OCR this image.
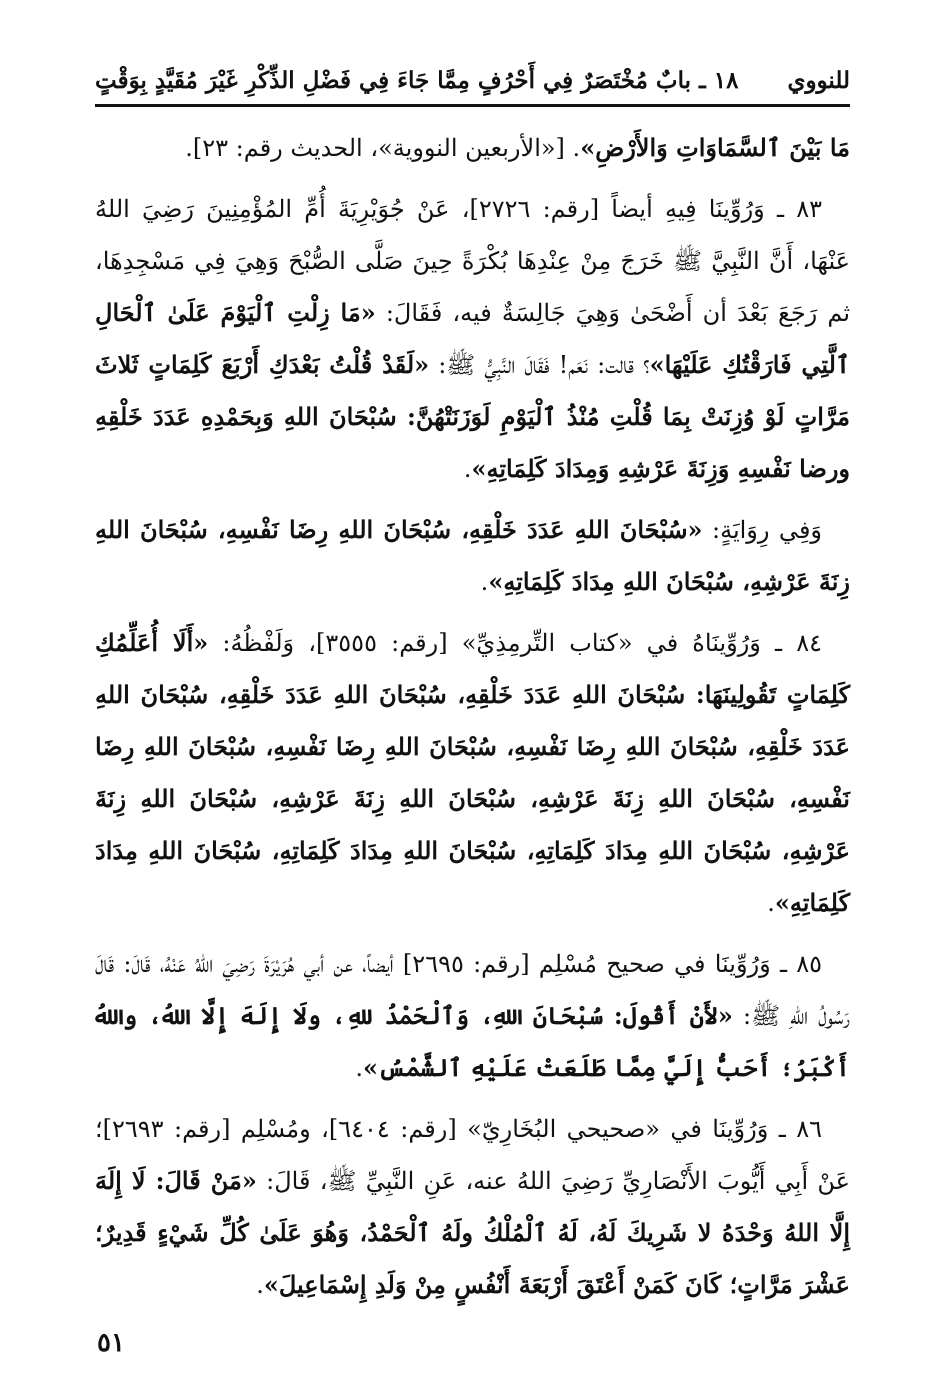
للنووي
١٨ ـ بابٌ مُخْتَصَرٌ فِي أَحْرُفٍ مِمَّا جَاءَ فِي فَضْلِ الذِّكْرِ غَيْرَ مُقَيَّدٍ بِوَقْتٍ

مَا بَيْنَ ٱلسَّمَاوَاتِ وَالأَرْضِ». [«الأربعين النووية»، الحديث رقم: ٢٣].

٨٣ ـ وَرُوِّينَا فِيهِ أيضاً [رقم: ٢٧٢٦]، عَنْ جُوَيْرِيَةَ أُمِّ المُؤْمِنِينَ رَضِيَ اللهُ عَنْهَا، أَنَّ النَّبِيَّ ﷺ خَرَجَ مِنْ عِنْدِهَا بُكْرَةً حِينَ صَلَّى الصُّبْحَ وَهِيَ فِي مَسْجِدِهَا، ثم رَجَعَ بَعْدَ أن أَضْحَىٰ وَهِيَ جَالِسَةٌ فيه، فَقَالَ: «مَا زِلْتِ ٱلْيَوْمَ عَلَىٰ ٱلْحَالِ ٱلَّتِي فَارَقْتُكِ عَلَيْهَا»؟ قالت: نَعَم! فَقَالَ النَّبِيُّ ﷺ: «لَقَدْ قُلْتُ بَعْدَكِ أَرْبَعَ كَلِمَاتٍ ثَلاثَ مَرَّاتٍ لَوْ وُزِنَتْ بِمَا قُلْتِ مُنْذُ ٱلْيَوْمِ لَوَزَنَتْهُنَّ: سُبْحَانَ اللهِ وَبِحَمْدِهِ عَدَدَ خَلْقِهِ ورضا نَفْسِهِ وَزِنَةَ عَرْشِهِ وَمِدَادَ كَلِمَاتِهِ».

وَفِي رِوَايَةٍ: «سُبْحَانَ اللهِ عَدَدَ خَلْقِهِ، سُبْحَانَ اللهِ رِضَا نَفْسِهِ، سُبْحَانَ اللهِ زِنَةَ عَرْشِهِ، سُبْحَانَ اللهِ مِدَادَ كَلِمَاتِهِ».

٨٤ ـ وَرُوِّينَاهُ في «كتاب التِّرمِذِيِّ» [رقم: ٣٥٥٥]، وَلَفْظُهُ: «أَلَا أُعَلِّمُكِ كَلِمَاتٍ تَقُولِينَهَا: سُبْحَانَ اللهِ عَدَدَ خَلْقِهِ، سُبْحَانَ اللهِ عَدَدَ خَلْقِهِ، سُبْحَانَ اللهِ عَدَدَ خَلْقِهِ، سُبْحَانَ اللهِ رِضَا نَفْسِهِ، سُبْحَانَ اللهِ رِضَا نَفْسِهِ، سُبْحَانَ اللهِ رِضَا نَفْسِهِ، سُبْحَانَ اللهِ زِنَةَ عَرْشِهِ، سُبْحَانَ اللهِ زِنَةَ عَرْشِهِ، سُبْحَانَ اللهِ زِنَةَ عَرْشِهِ، سُبْحَانَ اللهِ مِدَادَ كَلِمَاتِهِ، سُبْحَانَ اللهِ مِدَادَ كَلِمَاتِهِ، سُبْحَانَ اللهِ مِدَادَ كَلِمَاتِهِ».

٨٥ ـ وَرُوِّينَا في صحيح مُسْلِم [رقم: ٢٦٩٥] أيضاً، عن أبي هُرَيْرَةَ رَضِيَ اللهُ عَنْهُ، قَالَ: قَالَ رَسُولُ اللهِ ﷺ: «لأَنْ أَقُولَ: سُبْحَانَ اللهِ، وَٱلْحَمْدُ للهِ، ولَا إِلَهَ إِلَّا اللهُ، واللهُ أَكْبَرُ؛ أَحَبُّ إِلَيَّ مِمَّا طَلَعَتْ عَلَيْهِ ٱلشَّمْسُ».

٨٦ ـ وَرُوِّينَا في «صحيحي البُخَارِيّ» [رقم: ٦٤٠٤]، ومُسْلِم [رقم: ٢٦٩٣]؛ عَنْ أَبِي أَيُّوبَ الأَنْصَارِيِّ رَضِيَ اللهُ عنه، عَنِ النَّبِيِّ ﷺ، قَالَ: «مَنْ قَالَ: لَا إِلَهَ إِلَّا اللهُ وَحْدَهُ لا شَرِيكَ لَهُ، لَهُ ٱلْمُلْكُ ولَهُ ٱلْحَمْدُ، وَهُوَ عَلَىٰ كُلِّ شَيْءٍ قَدِيرٌ؛ عَشْرَ مَرَّاتٍ؛ كَانَ كَمَنْ أَعْتَقَ أَرْبَعَةَ أَنْفُسٍ مِنْ وَلَدِ إِسْمَاعِيلَ».

٥١
